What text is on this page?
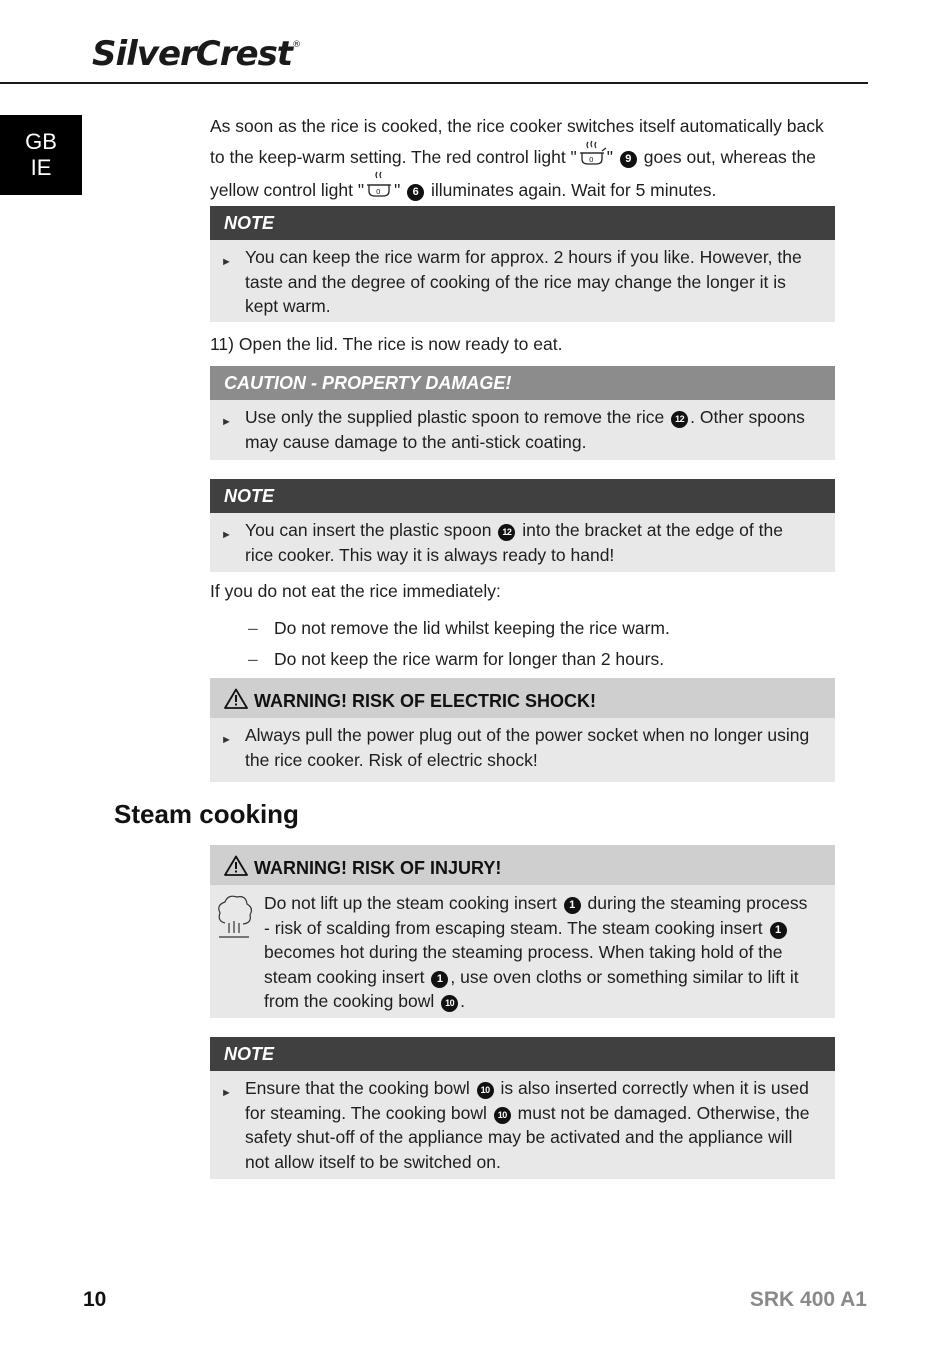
SilverCrest®
GB
IE
As soon as the rice is cooked, the rice cooker switches itself automatically back to the keep-warm setting. The red control light " 0 " 9 goes out, whereas the yellow control light " 0 " 6 illuminates again. Wait for 5 minutes.
NOTE
► You can keep the rice warm for approx. 2 hours if you like. However, the taste and the degree of cooking of the rice may change the longer it is kept warm.
11) Open the lid. The rice is now ready to eat.
CAUTION - PROPERTY DAMAGE!
► Use only the supplied plastic spoon to remove the rice 12 . Other spoons may cause damage to the anti-stick coating.
NOTE
► You can insert the plastic spoon 12 into the bracket at the edge of the rice cooker. This way it is always ready to hand!
If you do not eat the rice immediately:
– Do not remove the lid whilst keeping the rice warm.
– Do not keep the rice warm for longer than 2 hours.
WARNING! RISK OF ELECTRIC SHOCK!
► Always pull the power plug out of the power socket when no longer using the rice cooker. Risk of electric shock!
Steam cooking
WARNING! RISK OF INJURY!
Do not lift up the steam cooking insert 1 during the steaming process - risk of scalding from escaping steam. The steam cooking insert 1 becomes hot during the steaming process. When taking hold of the steam cooking insert 1 , use oven cloths or something similar to lift it from the cooking bowl 10 .
NOTE
► Ensure that the cooking bowl 10 is also inserted correctly when it is used for steaming. The cooking bowl 10 must not be damaged. Otherwise, the safety shut-off of the appliance may be activated and the appliance will not allow itself to be switched on.
10	SRK 400 A1
